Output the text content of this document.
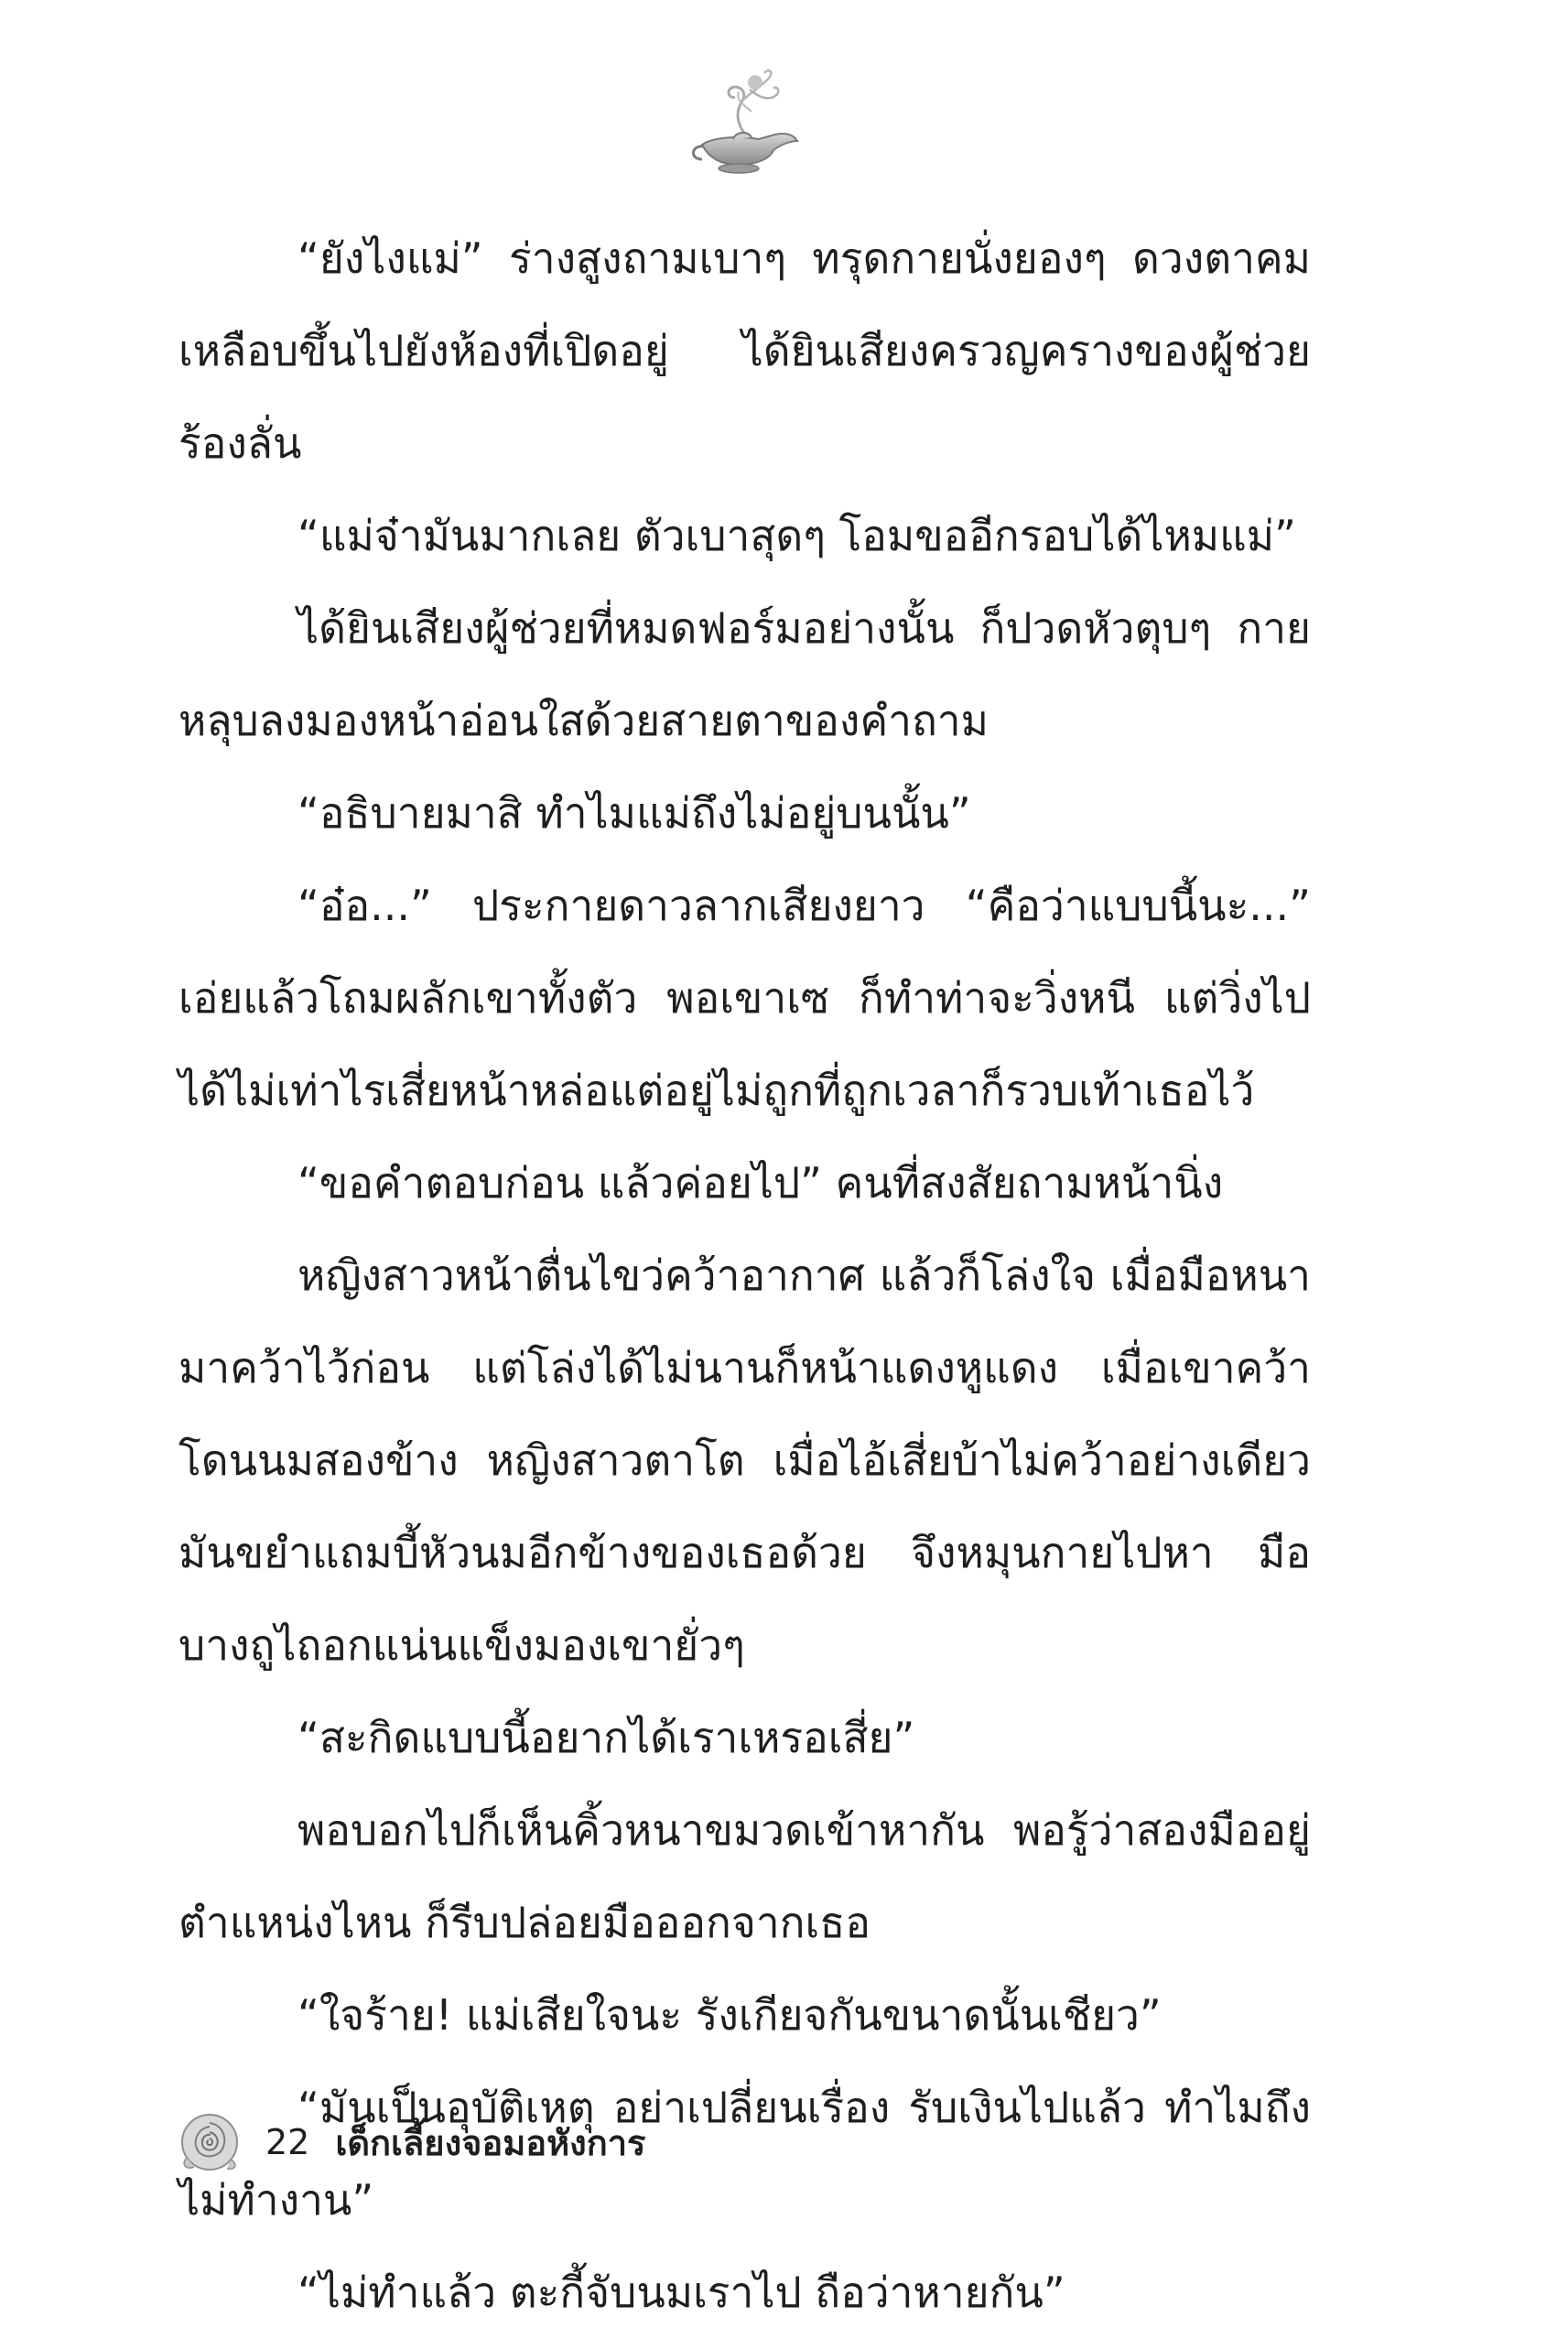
“ยังไงแม่” ร่างสูงถามเบาๆ ทรุดกายนั่งยองๆ ดวงตาคมเหลือบขึ้นไปยังห้องที่เปิดอยู่ ได้ยินเสียงครวญครางของผู้ช่วยร้องลั่น

“แม่จ๋ามันมากเลย ตัวเบาสุดๆ โอมขออีกรอบได้ไหมแม่”

ได้ยินเสียงผู้ช่วยที่หมดฟอร์มอย่างนั้น ก็ปวดหัวตุบๆ กายหลุบลงมองหน้าอ่อนใสด้วยสายตาของคำถาม

“อธิบายมาสิ ทำไมแม่ถึงไม่อยู่บนนั้น”

“อ๋อ...” ประกายดาวลากเสียงยาว “คือว่าแบบนี้นะ...” เอ่ยแล้วโถมผลักเขาทั้งตัว พอเขาเซ ก็ทำท่าจะวิ่งหนี แต่วิ่งไปได้ไม่เท่าไรเสี่ยหน้าหล่อแต่อยู่ไม่ถูกที่ถูกเวลาก็รวบเท้าเธอไว้

“ขอคำตอบก่อน แล้วค่อยไป” คนที่สงสัยถามหน้านิ่ง

หญิงสาวหน้าตื่นไขว่คว้าอากาศ แล้วก็โล่งใจ เมื่อมือหนามาคว้าไว้ก่อน แต่โล่งได้ไม่นานก็หน้าแดงหูแดง เมื่อเขาคว้าโดนนมสองข้าง หญิงสาวตาโต เมื่อไอ้เสี่ยบ้าไม่คว้าอย่างเดียว มันขยำแถมบี้หัวนมอีกข้างของเธอด้วย จึงหมุนกายไปหา มือบางถูไถอกแน่นแข็งมองเขายั่วๆ

“สะกิดแบบนี้อยากได้เราเหรอเสี่ย”

พอบอกไปก็เห็นคิ้วหนาขมวดเข้าหากัน พอรู้ว่าสองมืออยู่ตำแหน่งไหน ก็รีบปล่อยมือออกจากเธอ

“ใจร้าย! แม่เสียใจนะ รังเกียจกันขนาดนั้นเชียว”

“มันเป็นอุบัติเหตุ อย่าเปลี่ยนเรื่อง รับเงินไปแล้ว ทำไมถึงไม่ทำงาน”

“ไม่ทำแล้ว ตะกี้จับนมเราไป ถือว่าหายกัน”

22 เด็กเลี้ยงจอมอหังการ
